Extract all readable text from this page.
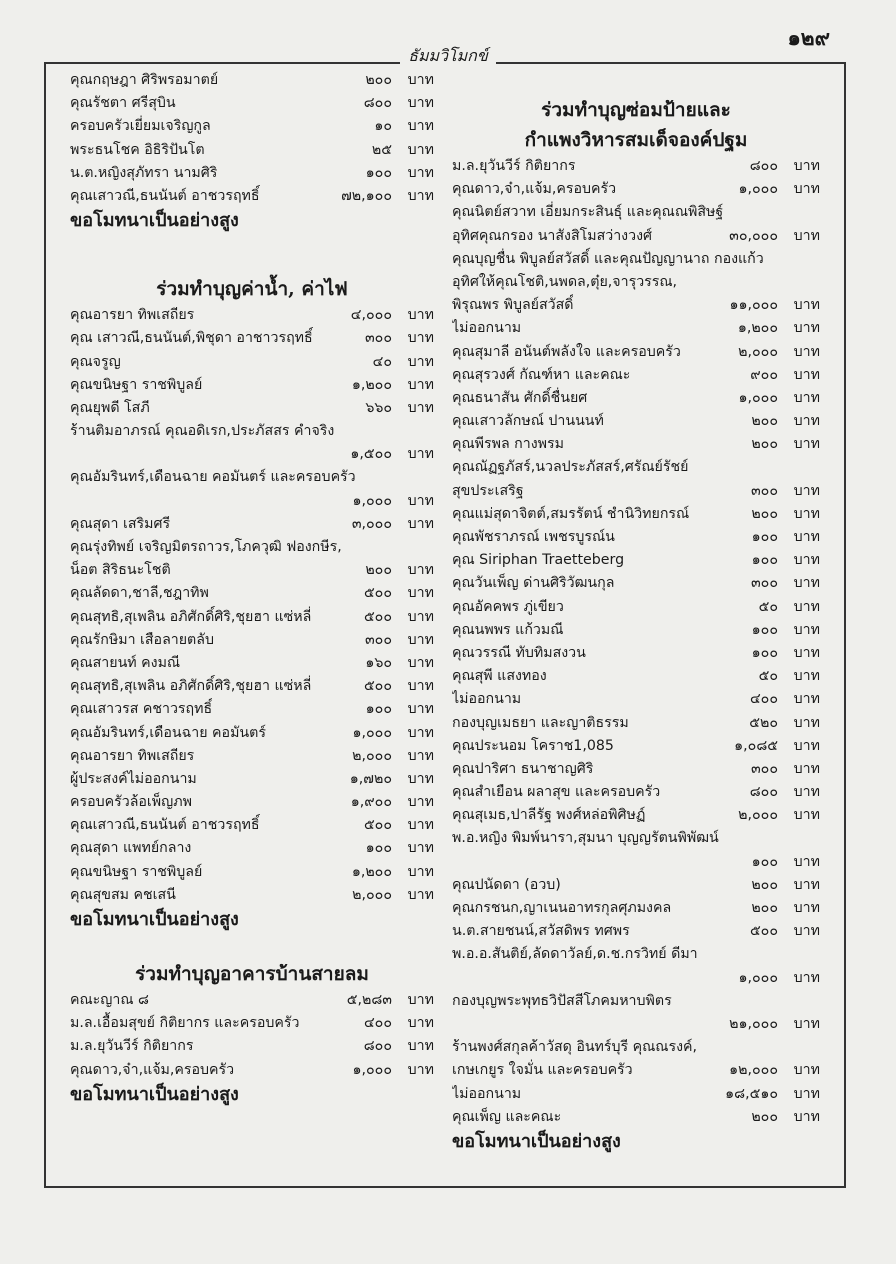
๑๒๙
ธัมมวิโมกข์
คุณกฤษฎา ศิริพรอมาตย์	๒๐๐ บาท
คุณรัชตา ศรีสุบิน	๘๐๐ บาท
ครอบครัวเยี่ยมเจริญกูล	๑๐ บาท
พระธนโชค อิธิริปันโต	๒๕ บาท
น.ต.หญิงสุภัทรา นามศิริ	๑๐๐ บาท
คุณเสาวณี,ธนนันต์ อาชวรฤทธิ์	๗๒,๑๐๐ บาท
ขอโมทนาเป็นอย่างสูง
ร่วมทำบุญค่าน้ำ, ค่าไฟ
คุณอารยา ทิพเสถียร	๔,๐๐๐ บาท
คุณ เสาวณี,ธนนันต์,พิชุดา อาชาวรฤทธิ์	๓๐๐ บาท
คุณจรูญ	๔๐ บาท
คุณขนิษฐา ราชพิบูลย์	๑,๒๐๐ บาท
คุณยุพดี โสภี	๖๖๐ บาท
ร้านติมอาภรณ์ คุณอดิเรก,ประภัสสร คำจริง
๑,๕๐๐ บาท
คุณอัมรินทร์,เดือนฉาย คอมันตร์ และครอบครัว
๑,๐๐๐ บาท
คุณสุดา เสริมศรี	๓,๐๐๐ บาท
คุณรุ่งทิพย์ เจริญมิตรถาวร,โภควุฒิ ฟองกษีร,
น็อต สิริธนะโชติ	๒๐๐ บาท
คุณลัดดา,ชาลี,ชฎาทิพ	๕๐๐ บาท
คุณสุทธิ,สุเพลิน อภิศักดิ์ศิริ,ชุยฮา แซ่หลี่	๕๐๐ บาท
คุณรักษิมา เสือลายตลับ	๓๐๐ บาท
คุณสายนท์ คงมณี	๑๖๐ บาท
คุณสุทธิ,สุเพลิน อภิศักดิ์ศิริ,ชุยฮา แซ่หลี่	๕๐๐ บาท
คุณเสาวรส คชาวรฤทธิ์	๑๐๐ บาท
คุณอัมรินทร์,เดือนฉาย คอมันตร์	๑,๐๐๐ บาท
คุณอารยา ทิพเสถียร	๒,๐๐๐ บาท
ผู้ประสงค์ไม่ออกนาม	๑,๗๒๐ บาท
ครอบครัวล้อเพ็ญภพ	๑,๙๐๐ บาท
คุณเสาวณี,ธนนันต์ อาชวรฤทธิ์	๕๐๐ บาท
คุณสุดา แพทย์กลาง	๑๐๐ บาท
คุณขนิษฐา ราชพิบูลย์	๑,๒๐๐ บาท
คุณสุขสม คชเสนี	๒,๐๐๐ บาท
ขอโมทนาเป็นอย่างสูง
ร่วมทำบุญอาคารบ้านสายลม
คณะญาณ ๘	๕,๒๘๓ บาท
ม.ล.เอื้อมสุขย์ กิติยากร และครอบครัว	๔๐๐ บาท
ม.ล.ยุวันวีร์ กิติยากร	๘๐๐ บาท
คุณดาว,จ๋า,แจ้ม,ครอบครัว	๑,๐๐๐ บาท
ขอโมทนาเป็นอย่างสูง
ร่วมทำบุญซ่อมป้ายและ
กำแพงวิหารสมเด็จองค์ปฐม
ม.ล.ยุวันวีร์ กิติยากร	๘๐๐ บาท
คุณดาว,จ๋า,แจ้ม,ครอบครัว	๑,๐๐๐ บาท
คุณนิตย์สวาท เอี่ยมกระสินธุ์ และคุณณพิสิษฐ์
อุทิศคุณกรอง นาสังสิโมสว่างวงศ์	๓๐,๐๐๐ บาท
คุณบุญชื่น พิบูลย์สวัสดิ์ และคุณปัญญานาถ กองแก้ว
อุทิศให้คุณโชติ,นพดล,ตุ๋ย,จารุวรรณ,
พิรุณพร พิบูลย์สวัสดิ์	๑๑,๐๐๐ บาท
ไม่ออกนาม	๑,๒๐๐ บาท
คุณสุมาลี อนันต์พลังใจ และครอบครัว	๒,๐๐๐ บาท
คุณสุรวงศ์ กัณฑ์หา และคณะ	๙๐๐ บาท
คุณธนาสัน ศักดิ์ชื่นยศ	๑,๐๐๐ บาท
คุณเสาวลักษณ์ ปานนนท์	๒๐๐ บาท
คุณพีรพล กางพรม	๒๐๐ บาท
คุณณัฏฐภัสร์,นวลประภัสสร์,ศรัณย์รัชย์
สุขประเสริฐ	๓๐๐ บาท
คุณแม่สุดาจิตต์,สมรรัตน์ ชำนิวิทยกรณ์	๒๐๐ บาท
คุณพัชราภรณ์ เพชรบูรณ์น	๑๐๐ บาท
คุณ Siriphan Traetteberg	๑๐๐ บาท
คุณวันเพ็ญ ด่านศิริวัฒนกุล	๓๐๐ บาท
คุณอัคคพร ภู่เขียว	๕๐ บาท
คุณนพพร แก้วมณี	๑๐๐ บาท
คุณวรรณี ทับทิมสงวน	๑๐๐ บาท
คุณสุพี แสงทอง	๕๐ บาท
ไม่ออกนาม	๔๐๐ บาท
กองบุญเมธยา และญาติธรรม	๕๒๐ บาท
คุณประนอม โคราช1,085	๑,๐๘๕ บาท
คุณปาริศา ธนาชาญศิริ	๓๐๐ บาท
คุณสำเยือน ผลาสุข และครอบครัว	๘๐๐ บาท
คุณสุเมธ,ปาลีรัฐ พงศ์หล่อพิศิษฏ์	๒,๐๐๐ บาท
พ.อ.หญิง พิมพ์นารา,สุมนา บุญญรัตนพิพัฒน์
๑๐๐ บาท
คุณปนัดดา (อวบ)	๒๐๐ บาท
คุณกรชนก,ญาเนนอาทรกุลศุภมงคล	๒๐๐ บาท
น.ต.สายชนน์,สวัสดิพร ทศพร	๕๐๐ บาท
พ.อ.อ.สันติย์,ลัดดาวัลย์,ด.ช.กรวิทย์ ดีมา
๑,๐๐๐ บาท
กองบุญพระพุทธวิปัสสีโภคมหาบพิตร
๒๑,๐๐๐ บาท
ร้านพงศ์สกุลค้าวัสดุ อินทร์บุรี คุณณรงค์,
เกษเกยูร ใจมั่น และครอบครัว	๑๒,๐๐๐ บาท
ไม่ออกนาม	๑๘,๕๑๐ บาท
คุณเพ็ญ และคณะ	๒๐๐ บาท
ขอโมทนาเป็นอย่างสูง
